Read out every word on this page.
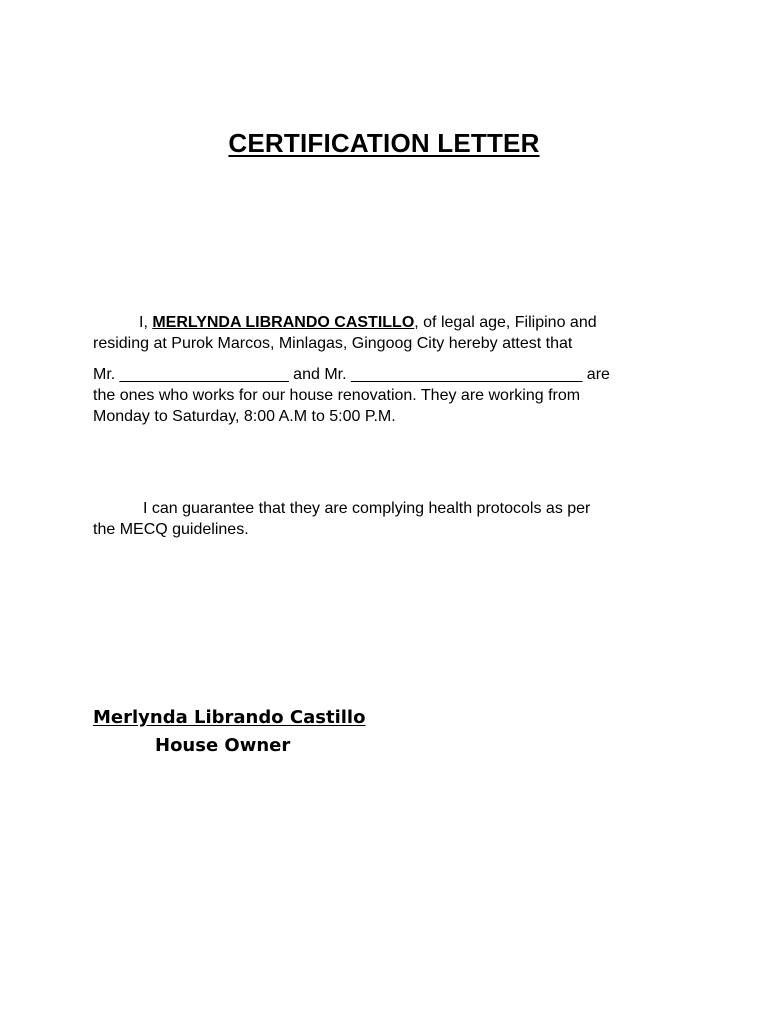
CERTIFICATION LETTER
I, MERLYNDA LIBRANDO CASTILLO, of legal age, Filipino and
residing at Purok Marcos, Minlagas, Gingoog City hereby attest that
Mr. ___________________ and Mr. __________________________ are
the ones who works for our house renovation. They are working from
Monday to Saturday, 8:00 A.M to 5:00 P.M.
I can guarantee that they are complying health protocols as per
the MECQ guidelines.
Merlynda Librando Castillo
House Owner
